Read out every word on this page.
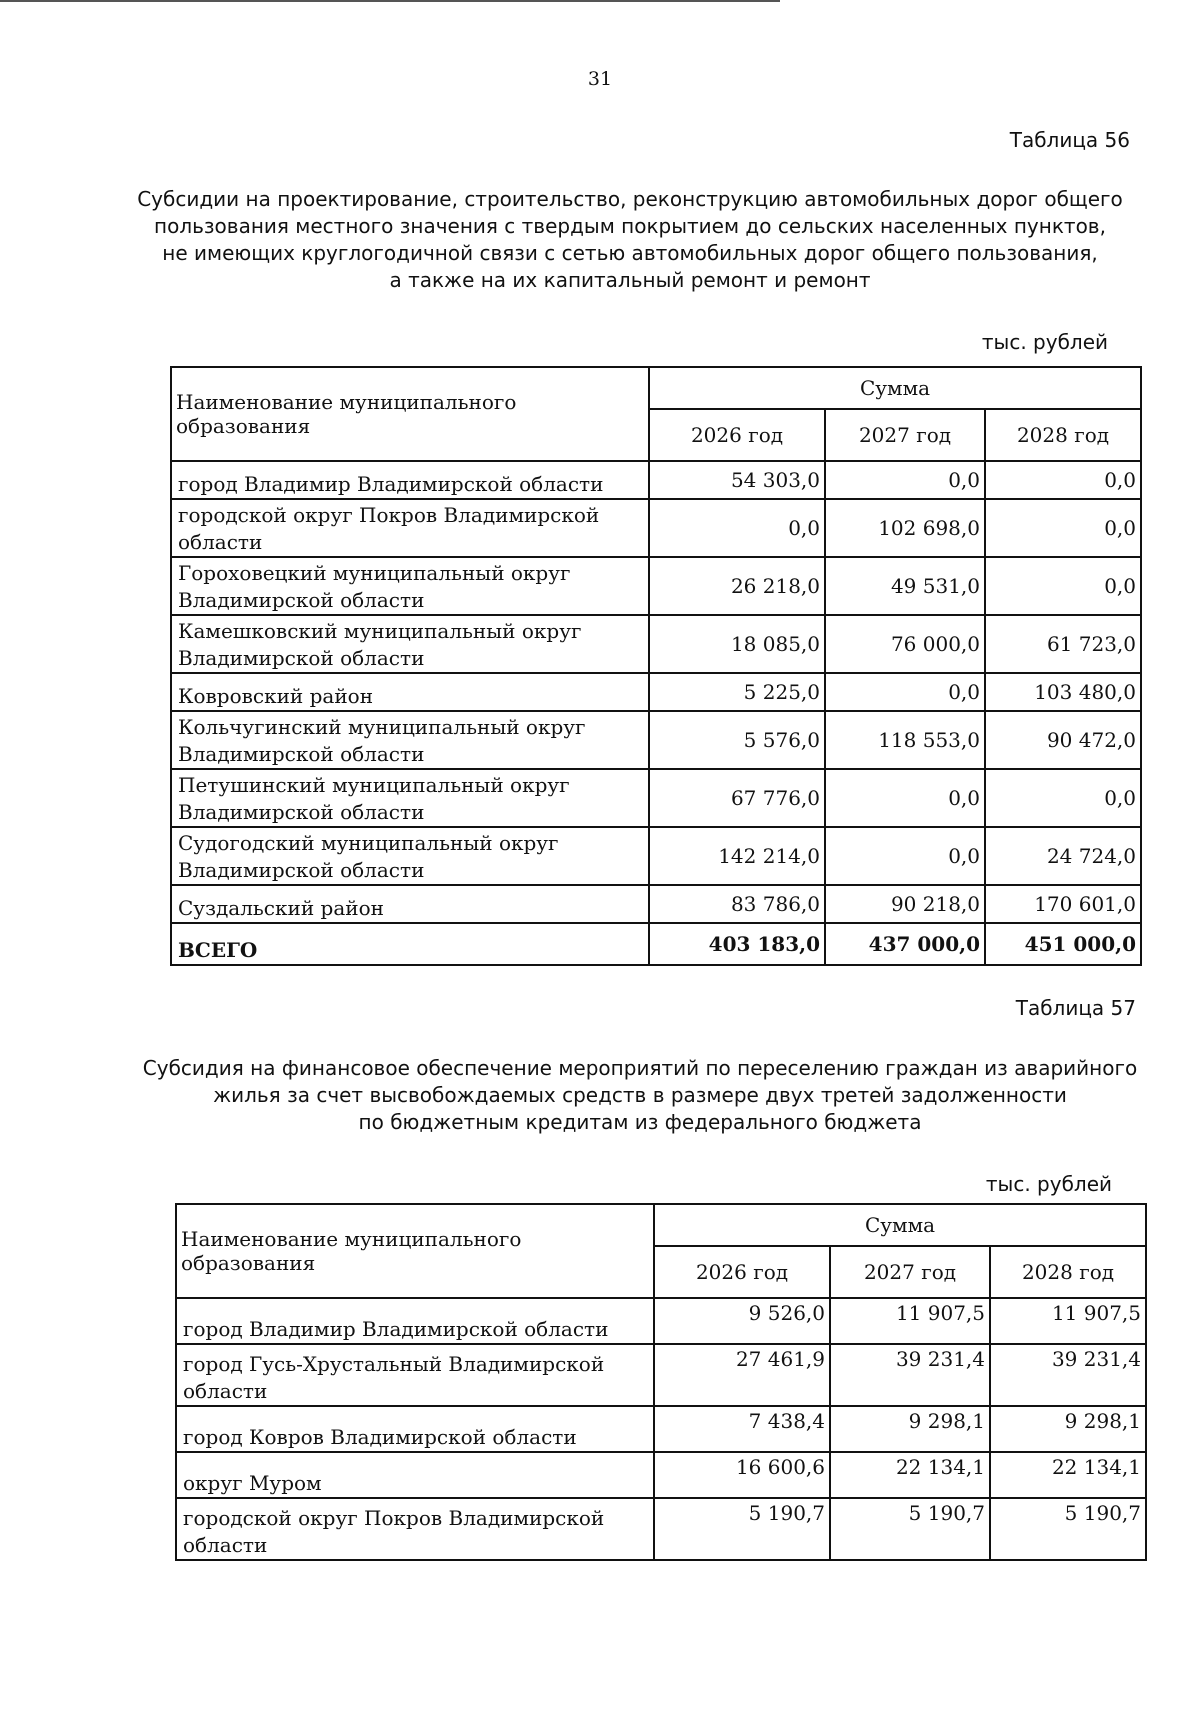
31
Таблица 56
Субсидии на проектирование, строительство, реконструкцию автомобильных дорог общего
пользования местного значения с твердым покрытием до сельских населенных пунктов,
не имеющих круглогодичной связи с сетью автомобильных дорог общего пользования,
а также на их капитальный ремонт и ремонт
тыс. рублей
Наименование муниципального образования	Сумма		
	2026 год	2027 год	2028 год
город Владимир Владимирской области	54 303,0	0,0	0,0
городской округ Покров Владимирской области	0,0	102 698,0	0,0
Гороховецкий муниципальный округ Владимирской области	26 218,0	49 531,0	0,0
Камешковский муниципальный округ Владимирской области	18 085,0	76 000,0	61 723,0
Ковровский район	5 225,0	0,0	103 480,0
Кольчугинский муниципальный округ Владимирской области	5 576,0	118 553,0	90 472,0
Петушинский муниципальный округ Владимирской области	67 776,0	0,0	0,0
Судогодский муниципальный округ Владимирской области	142 214,0	0,0	24 724,0
Суздальский район	83 786,0	90 218,0	170 601,0
ВСЕГО	403 183,0	437 000,0	451 000,0
Таблица 57
Субсидия на финансовое обеспечение мероприятий по переселению граждан из аварийного
жилья за счет высвобождаемых средств в размере двух третей задолженности
по бюджетным кредитам из федерального бюджета
тыс. рублей
Наименование муниципального образования	Сумма		
	2026 год	2027 год	2028 год
город Владимир Владимирской области	9 526,0	11 907,5	11 907,5
город Гусь-Хрустальный Владимирской области	27 461,9	39 231,4	39 231,4
город Ковров Владимирской области	7 438,4	9 298,1	9 298,1
округ Муром	16 600,6	22 134,1	22 134,1
городской округ Покров Владимирской области	5 190,7	5 190,7	5 190,7
